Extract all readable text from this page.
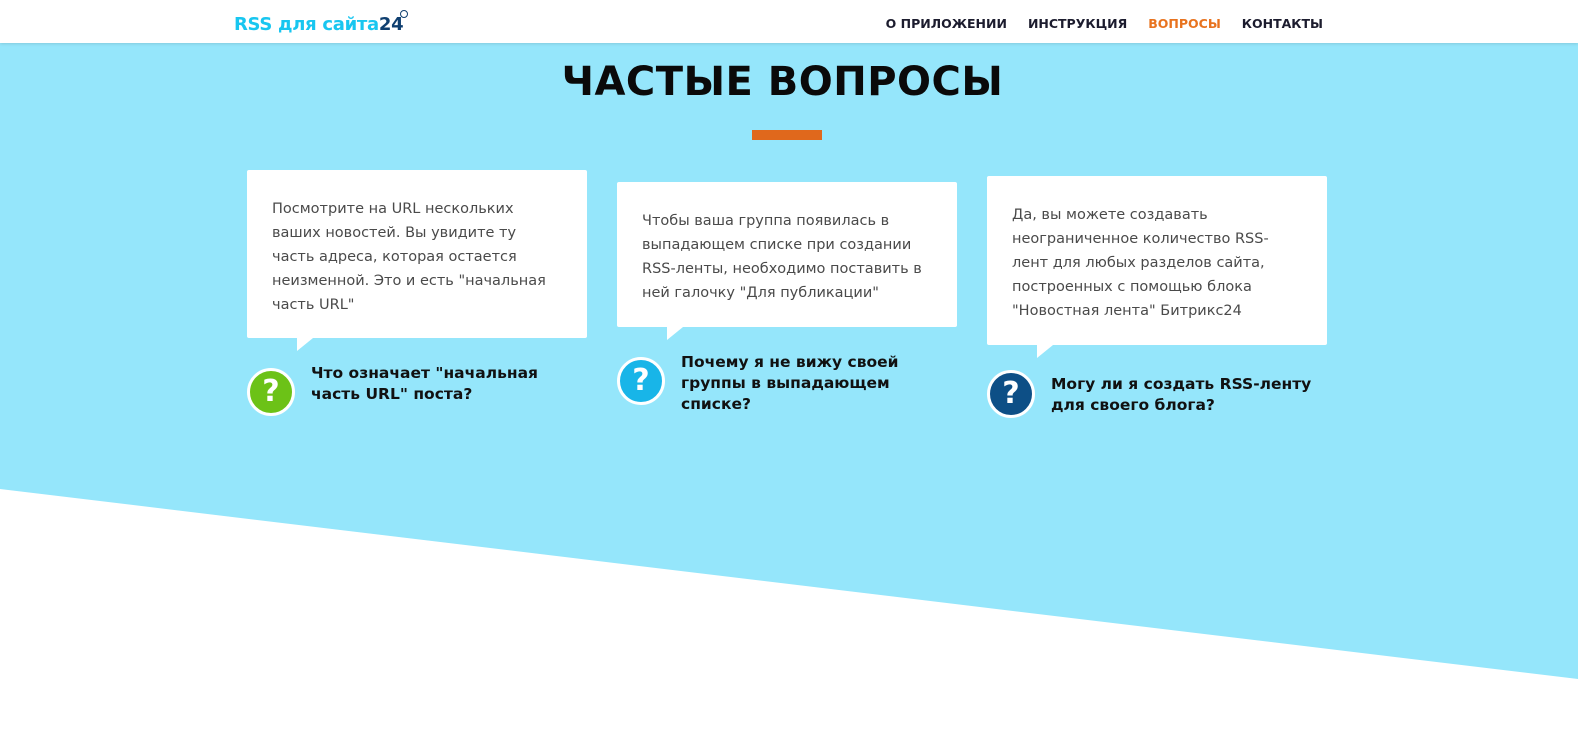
RSS для сайта24	О ПРИЛОЖЕНИИ ИНСТРУКЦИЯ ВОПРОСЫ КОНТАКТЫ
ЧАСТЫЕ ВОПРОСЫ
Посмотрите на URL нескольких ваших новостей. Вы увидите ту часть адреса, которая остается неизменной. Это и есть "начальная часть URL"
?
Что означает "начальная часть URL" поста?
Чтобы ваша группа появилась в выпадающем списке при создании RSS-ленты, необходимо поставить в ней галочку "Для публикации"
?
Почему я не вижу своей группы в выпадающем списке?
Да, вы можете создавать неограниченное количество RSS-лент для любых разделов сайта, построенных с помощью блока "Новостная лента" Битрикс24
?	Могу ли я создать RSS-ленту для своего блога?
